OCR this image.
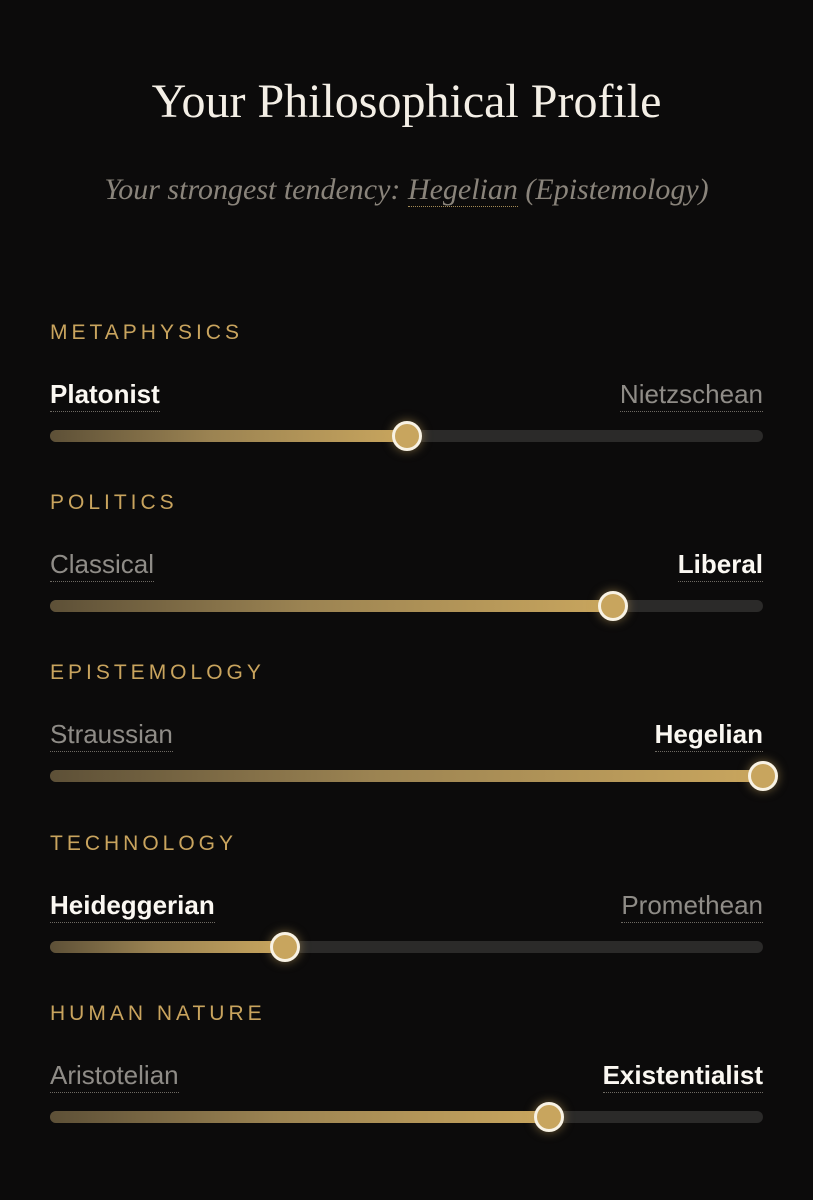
Your Philosophical Profile
Your strongest tendency: Hegelian (Epistemology)
METAPHYSICS
Platonist	Nietzschean
POLITICS
Classical	Liberal
EPISTEMOLOGY
Straussian	Hegelian
TECHNOLOGY
Heideggerian	Promethean
HUMAN NATURE
Aristotelian	Existentialist
